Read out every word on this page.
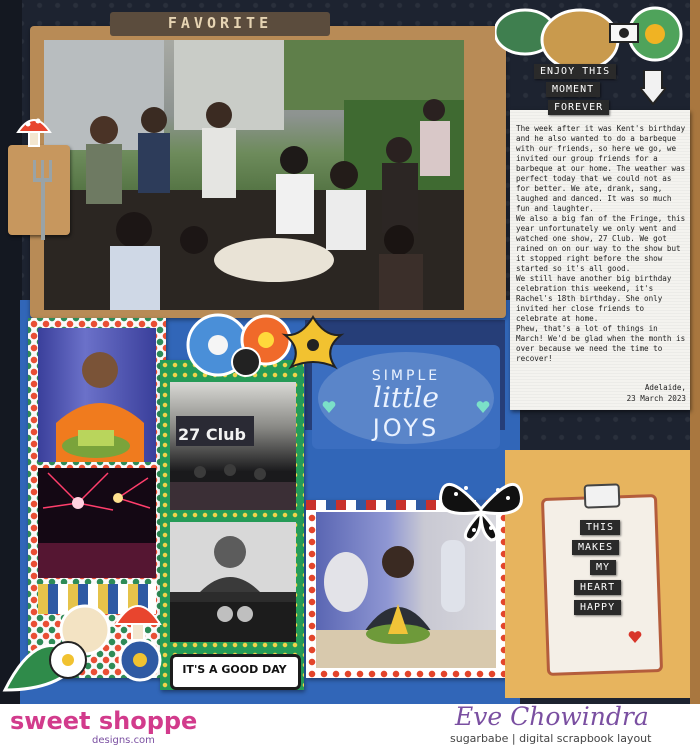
FAVORITE
The week after it was Kent's birthday and he also wanted to do a barbeque with our friends, so here we go, we invited our group friends for a barbeque at our home. The weather was perfect today that we could not as for better. We ate, drank, sang, laughed and danced. It was so much fun and laughter.
We also a big fan of the Fringe, this year unfortunately we only went and watched one show, 27 Club. We got rained on on our way to the show but it stopped right before the show started so it's all good.
We still have another big birthday celebration this weekend, it's Rachel's 18th birthday. She only invited her close friends to celebrate at home.
Phew, that's a lot of things in March! We'd be glad when the month is over because we need the time to recover!
Adelaide,
23 March 2023
ENJOY THIS
MOMENT
FOREVER
27 Club
SIMPLE
little
JOYS
THIS
MAKES
MY
HEART
HAPPY
IT'S A GOOD DAY
sweet shoppe
designs.com
Eve Chowindra
sugarbabe | digital scrapbook layout
